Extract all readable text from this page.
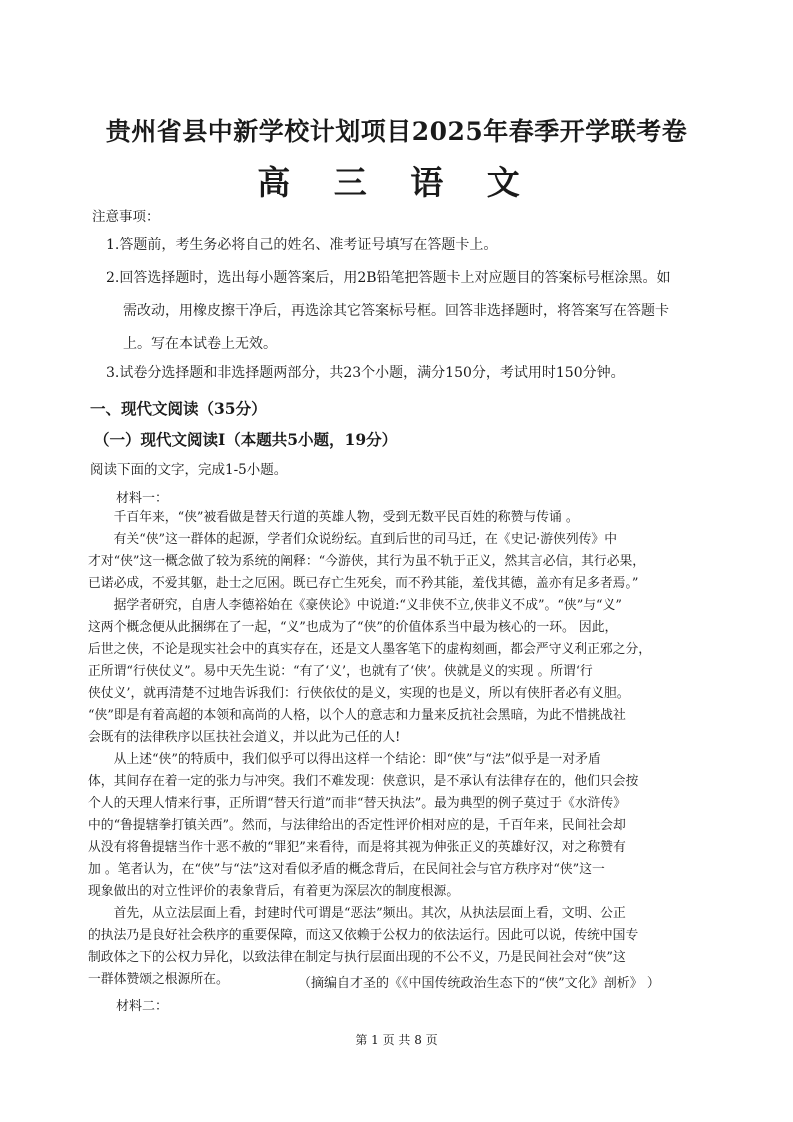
贵州省县中新学校计划项目2025年春季开学联考卷
高 三 语 文
注意事项：
1.答题前，考生务必将自己的姓名、准考证号填写在答题卡上。
2.回答选择题时，选出每小题答案后，用2B铅笔把答题卡上对应题目的答案标号框涂黑。如
需改动，用橡皮擦干净后，再选涂其它答案标号框。回答非选择题时，将答案写在答题卡
上。写在本试卷上无效。
3.试卷分选择题和非选择题两部分，共23个小题，满分150分，考试用时150分钟。
一、现代文阅读（35分）
（一）现代文阅读Ⅰ（本题共5小题，19分）
阅读下面的文字，完成1-5小题。
材料一：
　　千百年来，“侠”被看做是替天行道的英雄人物，受到无数平民百姓的称赞与传诵 。
　　有关“侠”这一群体的起源，学者们众说纷纭。直到后世的司马迁，在《史记·游侠列传》中
才对“侠”这一概念做了较为系统的阐释：“今游侠，其行为虽不轨于正义，然其言必信，其行必果，
已诺必成，不爱其躯，赴士之厄困。既已存亡生死矣，而不矜其能，羞伐其德，盖亦有足多者焉。”
　　据学者研究，自唐人李德裕始在《豪侠论》中说道:“义非侠不立,侠非义不成”。“侠”与“义”
这两个概念便从此捆绑在了一起，“义”也成为了“侠”的价值体系当中最为核心的一环。 因此，
后世之侠，不论是现实社会中的真实存在，还是文人墨客笔下的虚构刻画，都会严守义利正邪之分，
正所谓“行侠仗义”。易中天先生说：“有了‘义’，也就有了‘侠’。侠就是义的实现 。所谓‘行
侠仗义’，就再清楚不过地告诉我们：行侠依仗的是义，实现的也是义，所以有侠肝者必有义胆。
“侠”即是有着高超的本领和高尚的人格，以个人的意志和力量来反抗社会黑暗，为此不惜挑战社
会既有的法律秩序以匡扶社会道义，并以此为己任的人!
　　从上述“侠”的特质中，我们似乎可以得出这样一个结论：即“侠”与“法”似乎是一对矛盾
体，其间存在着一定的张力与冲突。我们不难发现：侠意识，是不承认有法律存在的，他们只会按
个人的天理人情来行事，正所谓“替天行道”而非“替天执法”。最为典型的例子莫过于《水浒传》
中的“鲁提辖拳打镇关西”。然而，与法律给出的否定性评价相对应的是，千百年来，民间社会却
从没有将鲁提辖当作十恶不赦的“罪犯”来看待，而是将其视为伸张正义的英雄好汉，对之称赞有
加 。笔者认为，在“侠”与“法”这对看似矛盾的概念背后，在民间社会与官方秩序对“侠”这一
现象做出的对立性评价的表象背后，有着更为深层次的制度根源。
　　首先，从立法层面上看，封建时代可谓是“恶法”频出。其次，从执法层面上看，文明、公正
的执法乃是良好社会秩序的重要保障，而这又依赖于公权力的依法运行。因此可以说，传统中国专
制政体之下的公权力异化，以致法律在制定与执行层面出现的不公不义，乃是民间社会对“侠”这
一群体赞颂之根源所在。	（摘编自才圣的《《中国传统政治生态下的“侠”文化》剖析》 ）
材料二：
第 1 页 共 8 页
